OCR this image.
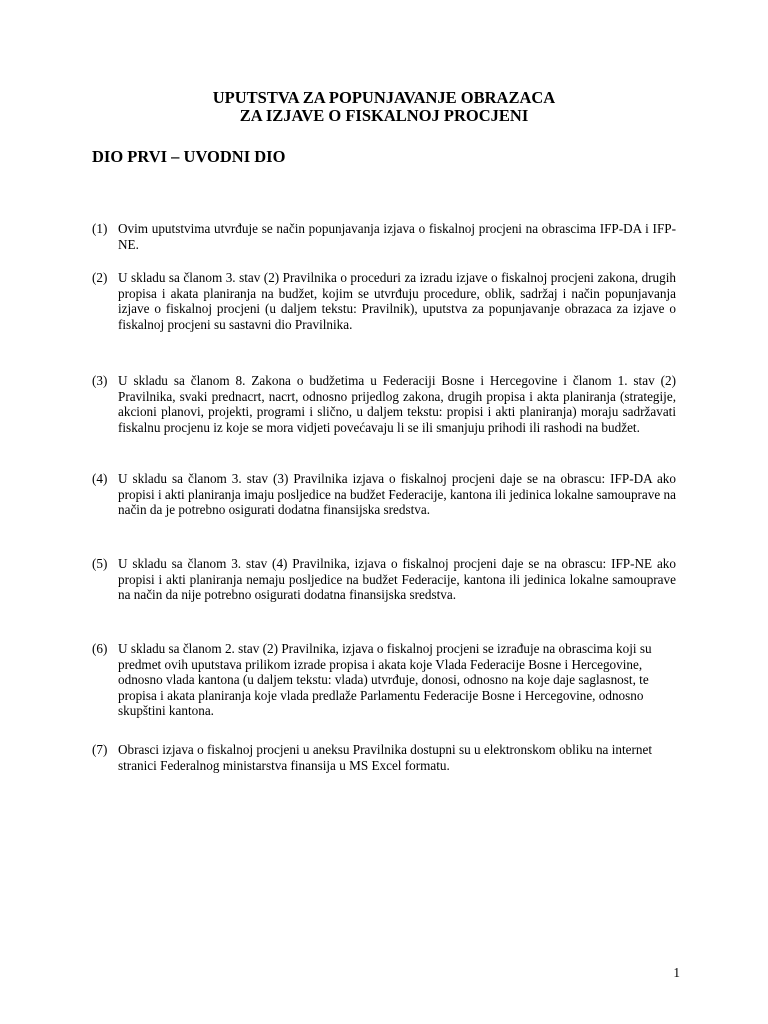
UPUTSTVA ZA POPUNJAVANJE OBRAZACA
ZA IZJAVE O FISKALNOJ PROCJENI
DIO PRVI – UVODNI DIO
(1) Ovim uputstvima utvrđuje se način popunjavanja izjava o fiskalnoj procjeni na obrascima IFP-DA i IFP-NE.
(2) U skladu sa članom 3. stav (2) Pravilnika o proceduri za izradu izjave o fiskalnoj procjeni zakona, drugih propisa i akata planiranja na budžet, kojim se utvrđuju procedure, oblik, sadržaj i način popunjavanja izjave o fiskalnoj procjeni (u daljem tekstu: Pravilnik), uputstva za popunjavanje obrazaca za izjave o fiskalnoj procjeni su sastavni dio Pravilnika.
(3) U skladu sa članom 8. Zakona o budžetima u Federaciji Bosne i Hercegovine i članom 1. stav (2) Pravilnika, svaki prednacrt, nacrt, odnosno prijedlog zakona, drugih propisa i akta planiranja (strategije, akcioni planovi, projekti, programi i slično, u daljem tekstu: propisi i akti planiranja) moraju sadržavati fiskalnu procjenu iz koje se mora vidjeti povećavaju li se ili smanjuju prihodi ili rashodi na budžet.
(4) U skladu sa članom 3. stav (3) Pravilnika izjava o fiskalnoj procjeni daje se na obrascu: IFP-DA ako propisi i akti planiranja imaju posljedice na budžet Federacije, kantona ili jedinica lokalne samouprave na način da je potrebno osigurati dodatna finansijska sredstva.
(5) U skladu sa članom 3. stav (4) Pravilnika, izjava o fiskalnoj procjeni daje se na obrascu: IFP-NE ako propisi i akti planiranja nemaju posljedice na budžet Federacije, kantona ili jedinica lokalne samouprave na način da nije potrebno osigurati dodatna finansijska sredstva.
(6) U skladu sa članom 2. stav (2) Pravilnika, izjava o fiskalnoj procjeni se izrađuje na obrascima koji su predmet ovih uputstava prilikom izrade propisa i akata koje Vlada Federacije Bosne i Hercegovine, odnosno vlada kantona (u daljem tekstu: vlada) utvrđuje, donosi, odnosno na koje daje saglasnost, te propisa i akata planiranja koje vlada predlaže Parlamentu Federacije Bosne i Hercegovine, odnosno skupštini kantona.
(7) Obrasci izjava o fiskalnoj procjeni u aneksu Pravilnika dostupni su u elektronskom obliku na internet stranici Federalnog ministarstva finansija u MS Excel formatu.
1
